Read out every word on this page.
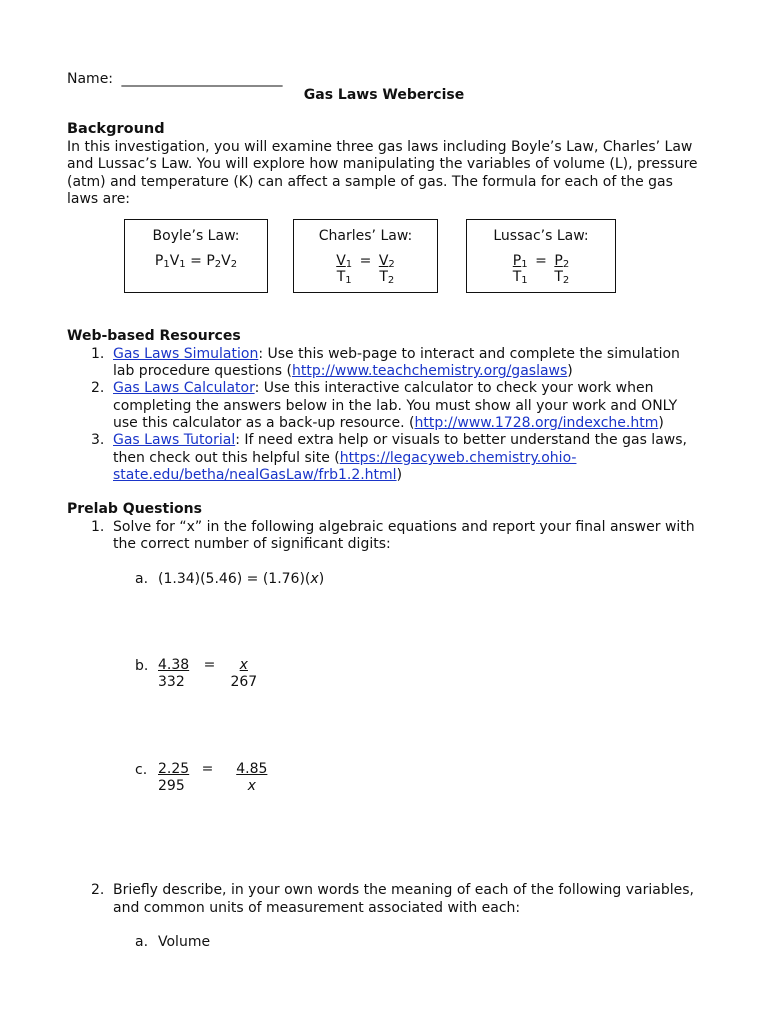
Name: _______________________
Gas Laws Webercise
Background
In this investigation, you will examine three gas laws including Boyle’s Law, Charles’ Law
and Lussac’s Law. You will explore how manipulating the variables of volume (L), pressure
(atm) and temperature (K) can affect a sample of gas. The formula for each of the gas
laws are:
Boyle’s Law:
$P_1V_1 = P_2V_2$
Charles’ Law:
$\frac{V_1}{T_1} = \frac{V_2}{T_2}$
Lussac’s Law:
$\frac{P_1}{T_1} = \frac{P_2}{T_2}$
Web-based Resources
1. Gas Laws Simulation: Use this web-page to interact and complete the simulation
lab procedure questions (http://www.teachchemistry.org/gaslaws)
2. Gas Laws Calculator: Use this interactive calculator to check your work when
completing the answers below in the lab. You must show all your work and ONLY
use this calculator as a back-up resource. (http://www.1728.org/indexche.htm)
3. Gas Laws Tutorial: If need extra help or visuals to better understand the gas laws,
then check out this helpful site (https://legacyweb.chemistry.ohio-
state.edu/betha/nealGasLaw/frb1.2.html)
Prelab Questions
1. Solve for “x” in the following algebraic equations and report your final answer with
the correct number of significant digits:
a. (1.34)(5.46) = (1.76)(x)
b. $\frac{4.38}{332} = \frac{x}{267}$
c. $\frac{2.25}{295} = \frac{4.85}{x}$
2. Briefly describe, in your own words the meaning of each of the following variables,
and common units of measurement associated with each:
a. Volume
